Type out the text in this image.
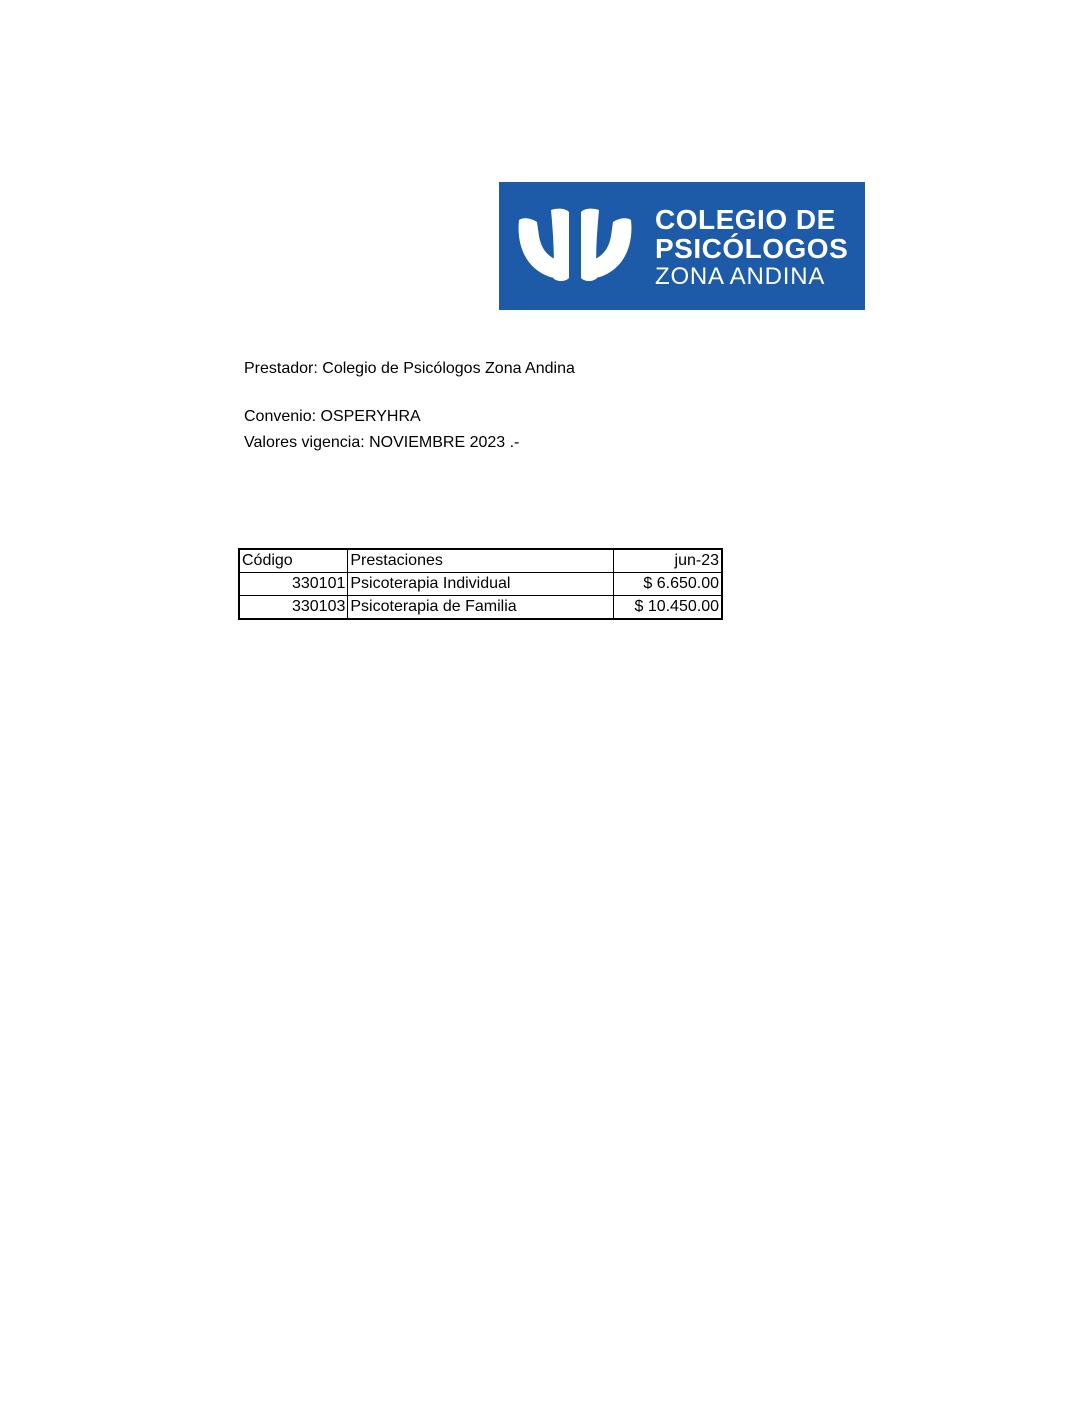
COLEGIO DE
PSICÓLOGOS
ZONA ANDINA
Prestador: Colegio de Psicólogos Zona Andina
Convenio: OSPERYHRA
Valores vigencia: NOVIEMBRE 2023 .-
Código	Prestaciones	jun-23
330101	Psicoterapia Individual	$ 6.650.00
330103	Psicoterapia de Familia	$ 10.450.00
